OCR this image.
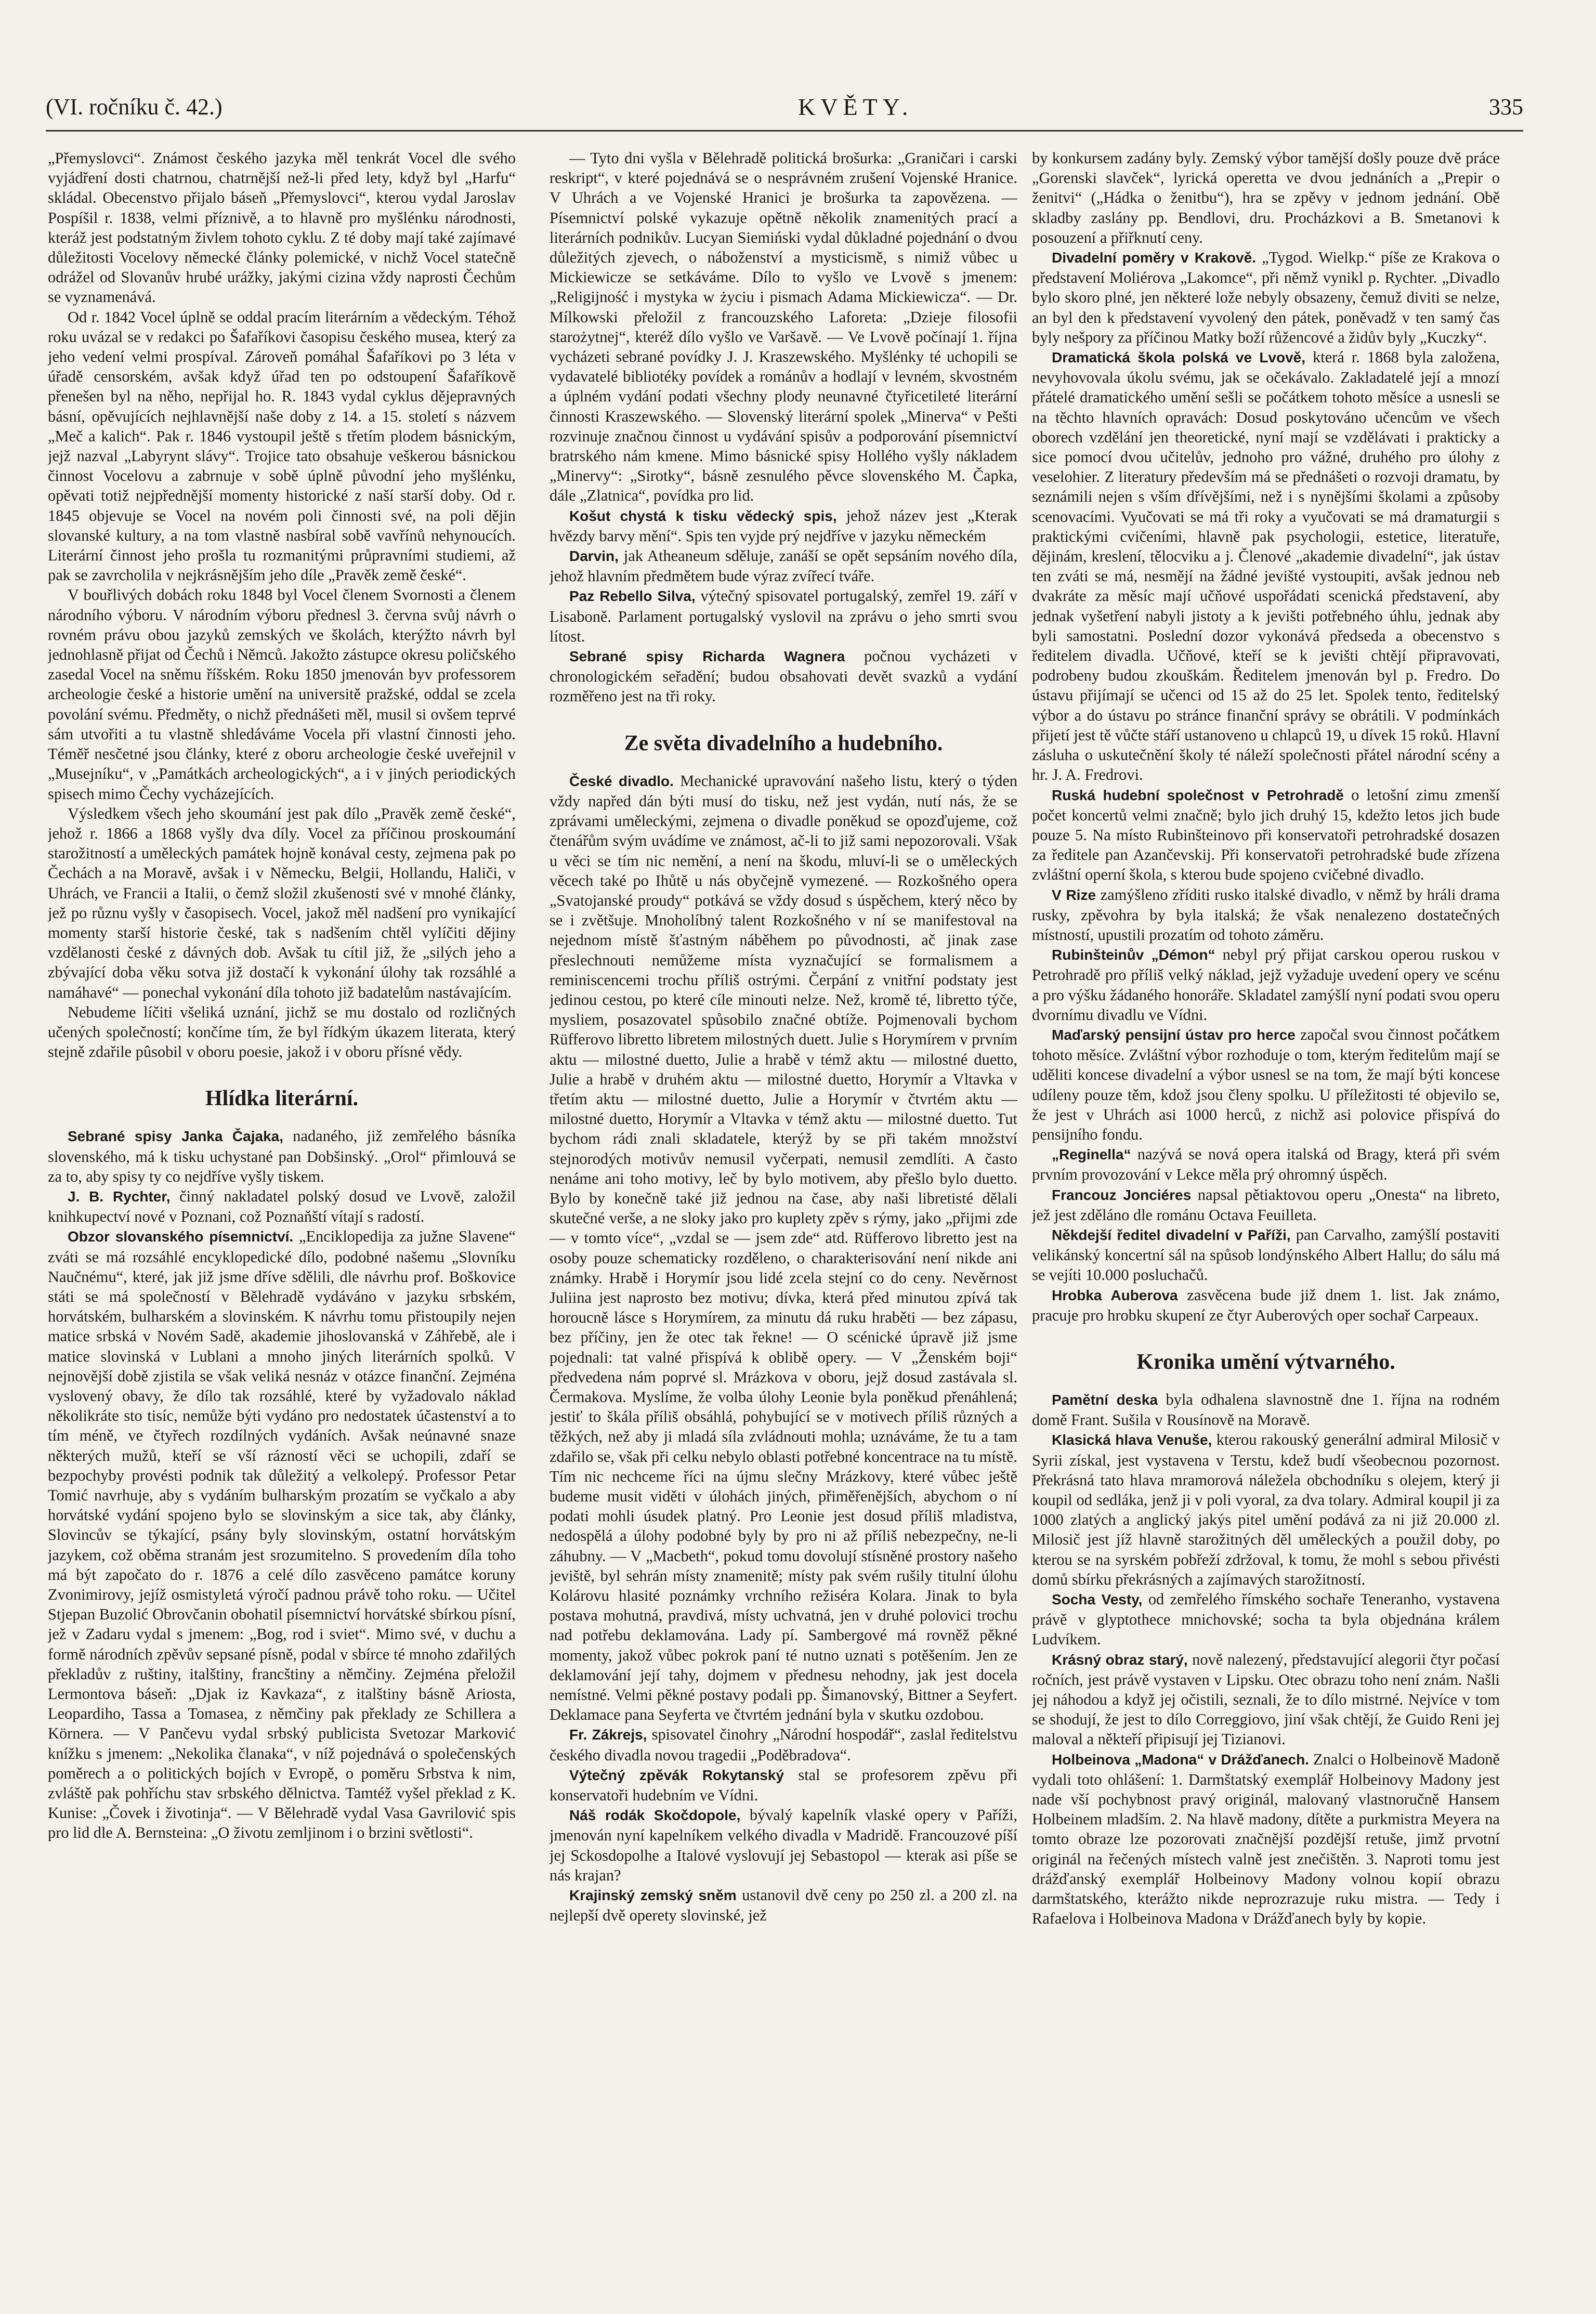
(VI. ročníku č. 42.)	KVĚTY.	335

„Přemyslovci“. Známost českého jazyka měl tenkrát Vocel dle svého vyjádření dosti chatrnou, chatrnější než-li před lety, když byl „Harfu“ skládal. Obecenstvo přijalo báseň „Přemyslovci“, kterou vydal Jaroslav Pospíšil r. 1838, velmi příznivě, a to hlavně pro myšlénku národnosti, kteráž jest podstatným živlem tohoto cyklu. Z té doby mají také zajímavé důležitosti Vocelovy německé články polemické, v nichž Vocel statečně odrážel od Slovanův hrubé urážky, jakými cizina vždy naprosti Čechům se vyznamenává.

Od r. 1842 Vocel úplně se oddal pracím literárním a vědeckým. Téhož roku uvázal se v redakci po Šafaříkovi časopisu českého musea, který za jeho vedení velmi prospíval. Zároveň pomáhal Šafaříkovi po 3 léta v úřadě censorském, avšak když úřad ten po odstoupení Šafaříkově přenešen byl na něho, nepřijal ho. R. 1843 vydal cyklus dějepravných básní, opěvujících nejhlavnější naše doby z 14. a 15. století s názvem „Meč a kalich“. Pak r. 1846 vystoupil ještě s třetím plodem básnickým, jejž nazval „Labyrynt slávy“. Trojice tato obsahuje veškerou básnickou činnost Vocelovu a zabrnuje v sobě úplně původní jeho myšlénku, opěvati totiž nejpřednější momenty historické z naší starší doby. Od r. 1845 objevuje se Vocel na novém poli činnosti své, na poli dějin slovanské kultury, a na tom vlastně nasbíral sobě vavřínů nehynoucích. Literární činnost jeho prošla tu rozmanitými průpravními studiemi, až pak se zavrcholila v nejkrásnějším jeho díle „Pravěk země české“.

V bouřlivých dobách roku 1848 byl Vocel členem Svornosti a členem národního výboru. V národním výboru přednesl 3. června svůj návrh o rovném právu obou jazyků zemských ve školách, kterýžto návrh byl jednohlasně přijat od Čechů i Němců. Jakožto zástupce okresu poličského zasedal Vocel na sněmu říšském. Roku 1850 jmenován byv professorem archeologie české a historie umění na universitě pražské, oddal se zcela povolání svému. Předměty, o nichž přednášeti měl, musil si ovšem teprvé sám utvořiti a tu vlastně shledáváme Vocela při vlastní činnosti jeho. Téměř nesčetné jsou články, které z oboru archeologie české uveřejnil v „Musejníku“, v „Památkách archeologických“, a i v jiných periodických spisech mimo Čechy vycházejících.

Výsledkem všech jeho skoumání jest pak dílo „Pravěk země české“, jehož r. 1866 a 1868 vyšly dva díly. Vocel za příčinou proskoumání starožitností a uměleckých památek hojně konával cesty, zejmena pak po Čechách a na Moravě, avšak i v Německu, Belgii, Hollandu, Haliči, v Uhrách, ve Francii a Italii, o čemž složil zkušenosti své v mnohé články, jež po různu vyšly v časopisech. Vocel, jakož měl nadšení pro vynikající momenty starší historie české, tak s nadšením chtěl vylíčiti dějiny vzdělanosti české z dávných dob. Avšak tu cítil již, že „silých jeho a zbývající doba věku sotva již dostačí k vykonání úlohy tak rozsáhlé a namáhavé“ — ponechal vykonání díla tohoto již badatelům nastávajícím.

Nebudeme líčiti všeliká uznání, jichž se mu dostalo od rozličných učených společností; končíme tím, že byl řídkým úkazem literata, který stejně zdařile pûsobil v oboru poesie, jakož i v oboru přísné vědy.

Hlídka literární.

Sebrané spisy Janka Čajaka, nadaného, již zemřelého básníka slovenského, má k tisku uchystané pan Dobšinský. „Orol“ přimlouvá se za to, aby spisy ty co nejdříve vyšly tiskem.

J. B. Rychter, činný nakladatel polský dosud ve Lvově, založil knihkupectví nové v Poznani, což Poznaňští vítají s radostí.

Obzor slovanského písemnictví. „Enciklopedija za južne Slavene“ zváti se má rozsáhlé encyklopedické dílo, podobné našemu „Slovníku Naučnému“, které, jak již jsme dříve sdělili, dle návrhu prof. Boškovice státi se má společností v Bělehradě vydáváno v jazyku srbském, horvátském, bulharském a slovinském. K návrhu tomu přistoupily nejen matice srbská v Novém Sadě, akademie jihoslovanská v Záhřebě, ale i matice slovinská v Lublani a mnoho jiných literárních spolků. V nejnovější době zjistila se však veliká nesnáz v otázce finanční. Zejména vyslovený obavy, že dílo tak rozsáhlé, které by vyžadovalo náklad několikráte sto tisíc, nemůže býti vydáno pro nedostatek účastenství a to tím méně, ve čtyřech rozdílných vydáních. Avšak neúnavné snaze některých mužů, kteří se vší rázností věci se uchopili, zdaří se bezpochyby provésti podnik tak důležitý a velkolepý. Professor Petar Tomić navrhuje, aby s vydáním bulharským prozatím se vyčkalo a aby horvátské vydání spojeno bylo se slovinským a sice tak, aby články, Slovincův se týkající, psány byly slovinským, ostatní horvátským jazykem, což oběma stranám jest srozumitelno. S provedením díla toho má být započato do r. 1876 a celé dílo zasvěceno památce koruny Zvonimirovy, jejíž osmistyletá výročí padnou právě toho roku. — Učitel Stjepan Buzolić Obrovčanin obohatil písemnictví horvátské sbírkou písní, jež v Zadaru vydal s jmenem: „Bog, rod i sviet“. Mimo své, v duchu a formě národních zpěvův sepsané písně, podal v sbírce té mnoho zdařilých překladův z ruštiny, italštiny, francštiny a němčiny. Zejména přeložil Lermontova báseň: „Djak iz Kavkaza“, z italštiny básně Ariosta, Leopardiho, Tassa a Tomasea, z němčiny pak překlady ze Schillera a Körnera. — V Pančevu vydal srbský publicista Svetozar Marković knížku s jmenem: „Nekolika članaka“, v níž pojednává o společenských poměrech a o politických bojích v Evropě, o poměru Srbstva k nim, zvláště pak pohříchu stav srbského dělnictva. Tamtéž vyšel překlad z K. Kunise: „Čovek i životinja“. — V Bělehradě vydal Vasa Gavrilović spis pro lid dle A. Bernsteina: „O životu zemljinom i o brzini světlosti“.

— Tyto dni vyšla v Bělehradě politická brošurka: „Graničari i carski reskript“, v které pojednává se o nesprávném zrušení Vojenské Hranice. V Uhrách a ve Vojenské Hranici je brošurka ta zapovězena. — Písemnictví polské vykazuje opětně několik znamenitých prací a literárních podnikův. Lucyan Siemiński vydal důkladné pojednání o dvou důležitých zjevech, o náboženství a mysticismě, s nimiž vůbec u Mickiewicze se setkáváme. Dílo to vyšlo ve Lvově s jmenem: „Religijność i mystyka w życiu i pismach Adama Mickiewicza“. — Dr. Mílkowski přeložil z francouzského Laforeta: „Dzieje filosofii starożytnej“, kteréž dílo vyšlo ve Varšavě. — Ve Lvově počínají 1. října vycházeti sebrané povídky J. J. Kraszewského. Myšlénky té uchopili se vydavatelé bibliotéky povídek a románův a hodlají v levném, skvostném a úplném vydání podati všechny plody neunavné čtyřicetileté literární činnosti Kraszewského. — Slovenský literární spolek „Minerva“ v Pešti rozvinuje značnou činnost u vydávání spisův a podporování písemnictví bratrského nám kmene. Mimo básnické spisy Hollého vyšly nákladem „Minervy“: „Sirotky“, básně zesnulého pěvce slovenského M. Čapka, dále „Zlatnica“, povídka pro lid.

Košut chystá k tisku vědecký spis, jehož název jest „Kterak hvězdy barvy mění“. Spis ten vyjde prý nejdříve v jazyku německém

Darvin, jak Atheaneum sděluje, zanáší se opět sepsáním nového díla, jehož hlavním předmětem bude výraz zvířecí tváře.

Paz Rebello Silva, výtečný spisovatel portugalský, zemřel 19. září v Lisaboně. Parlament portugalský vyslovil na zprávu o jeho smrti svou lítost.

Sebrané spisy Richarda Wagnera počnou vycházeti v chronologickém seřadění; budou obsahovati devět svazků a vydání rozměřeno jest na tři roky.

Ze světa divadelního a hudebního.

České divadlo. Mechanické upravování našeho listu, který o týden vždy napřed dán býti musí do tisku, než jest vydán, nutí nás, že se zprávami uměleckými, zejmena o divadle poněkud se opozďujeme, což čtenářům svým uvádíme ve známost, ač-li to již sami nepozorovali. Však u věci se tím nic nemění, a není na škodu, mluví-li se o uměleckých věcech také po Ihůtě u nás obyčejně vymezené. — Rozkošného opera „Svatojanské proudy“ potkává se vždy dosud s úspěchem, který něco by se i zvětšuje. Mnoholíbný talent Rozkošného v ní se manifestoval na nejednom místě šťastným náběhem po původnosti, ač jinak zase přeslechnouti nemůžeme místa vyznačující se formalismem a reminiscencemi trochu příliš ostrými. Čerpání z vnitřní podstaty jest jedinou cestou, po které cíle minouti nelze. Než, kromě té, libretto týče, mysliem, posazovatel spůsobilo značné obtíže. Pojmenovali bychom Rüfferovo libretto libretem milostných duett. Julie s Horymírem v prvním aktu — milostné duetto, Julie a hrabě v témž aktu — milostné duetto, Julie a hrabě v druhém aktu — milostné duetto, Horymír a Vltavka v třetím aktu — milostné duetto, Julie a Horymír v čtvrtém aktu — milostné duetto, Horymír a Vltavka v témž aktu — milostné duetto. Tut bychom rádi znali skladatele, kterýž by se při takém množství stejnorodých motivův nemusil vyčerpati, nemusil zemdlíti. A často nenáme ani toho motivy, leč by bylo motivem, aby přešlo bylo duetto. Bylo by konečně také již jednou na čase, aby naši libretisté dělali skutečné verše, a ne sloky jako pro kuplety zpěv s rýmy, jako „přijmi zde — v tomto více“, „vzdal se — jsem zde“ atd. Rüfferovo libretto jest na osoby pouze schematicky rozděleno, o charakterisování není nikde ani známky. Hrabě i Horymír jsou lidé zcela stejní co do ceny. Nevěrnost Juliina jest naprosto bez motivu; dívka, která před minutou zpívá tak horoucně lásce s Horymírem, za minutu dá ruku hraběti — bez zápasu, bez příčiny, jen že otec tak řekne! — O scénické úpravě již jsme pojednali: tat valné přispívá k oblibě opery. — V „Ženském boji“ předvedena nám poprvé sl. Mrázkova v oboru, jejž dosud zastávala sl. Čermakova. Myslíme, že volba úlohy Leonie byla poněkud přenáhlená; jestiť to škála příliš obsáhlá, pohybující se v motivech příliš různých a těžkých, než aby ji mladá síla zvládnouti mohla; uznáváme, že tu a tam zdařilo se, však při celku nebylo oblasti potřebné koncentrace na tu místě. Tím nic nechceme říci na újmu slečny Mrázkovy, které vůbec ještě budeme musit viděti v úlohách jiných, přiměřenějších, abychom o ní podati mohli úsudek platný. Pro Leonie jest dosud příliš mladistva, nedospělá a úlohy podobné byly by pro ni až příliš nebezpečny, ne-li záhubny. — V „Macbeth“, pokud tomu dovolují stísněné prostory našeho jeviště, byl sehrán místy znamenitě; místy pak svém rušily titulní úlohu Kolárovu hlasité poznámky vrchního režiséra Kolara. Jinak to byla postava mohutná, pravdivá, místy uchvatná, jen v druhé polovici trochu nad potřebu deklamována. Lady pí. Sambergové má rovněž pěkné momenty, jakož vůbec pokrok paní té nutno uznati s potěšením. Jen ze deklamování její tahy, dojmem v přednesu nehodny, jak jest docela nemístné. Velmi pěkné postavy podali pp. Šimanovský, Bittner a Seyfert. Deklamace pana Seyferta ve čtvrtém jednání byla v skutku ozdobou.

Fr. Zákrejs, spisovatel činohry „Národní hospodář“, zaslal ředitelstvu českého divadla novou tragedii „Poděbradova“.

Výtečný zpěvák Rokytanský stal se profesorem zpěvu při konservatoři hudebním ve Vídni.

Náš rodák Skočdopole, bývalý kapelník vlaské opery v Paříži, jmenován nyní kapelníkem velkého divadla v Madridě. Francouzové píší jej Sckosdopolhe a Italové vyslovují jej Sebastopol — kterak asi píše se nás krajan?

Krajinský zemský sněm ustanovil dvě ceny po 250 zl. a 200 zl. na nejlepší dvě operety slovinské, jež

by konkursem zadány byly. Zemský výbor tamější došly pouze dvě práce „Gorenski slavček“, lyrická operetta ve dvou jednáních a „Prepir o ženitvi“ („Hádka o ženitbu“), hra se zpěvy v jednom jednání. Obě skladby zaslány pp. Bendlovi, dru. Procházkovi a B. Smetanovi k posouzení a přiřknutí ceny.

Divadelní poměry v Krakově. „Tygod. Wielkp.“ píše ze Krakova o představení Moliérova „Lakomce“, při němž vynikl p. Rychter. „Divadlo bylo skoro plné, jen některé lože nebyly obsazeny, čemuž diviti se nelze, an byl den k představení vyvolený den pátek, poněvadž v ten samý čas byly nešpory za příčinou Matky boží růžencové a židův byly „Kuczky“.

Dramatická škola polská ve Lvově, která r. 1868 byla založena, nevyhovovala úkolu svému, jak se očekávalo. Zakladatelé její a mnozí přátelé dramatického umění sešli se počátkem tohoto měsíce a usnesli se na těchto hlavních opravách: Dosud poskytováno učencům ve všech oborech vzdělání jen theoretické, nyní mají se vzdělávati i prakticky a sice pomocí dvou učitelův, jednoho pro vážné, druhého pro úlohy z veselohier. Z literatury především má se přednášeti o rozvoji dramatu, by seznámili nejen s vším dřívějšími, než i s nynějšími školami a způsoby scenovacími. Vyučovati se má tři roky a vyučovati se má dramaturgii s praktickými cvičeními, hlavně pak psychologii, estetice, literatuře, dějinám, kreslení, tělocviku a j. Členové „akademie divadelní“, jak ústav ten zváti se má, nesmějí na žádné jevišté vystoupiti, avšak jednou neb dvakráte za měsíc mají učňové uspořádati scenická představení, aby jednak vyšetření nabyli jistoty a k jevišti potřebného úhlu, jednak aby byli samostatni. Poslední dozor vykonává předseda a obecenstvo s ředitelem divadla. Učňové, kteří se k jevišti chtějí připravovati, podrobeny budou zkouškám. Ředitelem jmenován byl p. Fredro. Do ústavu přijímají se učenci od 15 až do 25 let. Spolek tento, ředitelský výbor a do ústavu po stránce finanční správy se obrátili. V podmínkách přijetí jest tě vůčte stáří ustanoveno u chlapců 19, u dívek 15 roků. Hlavní zásluha o uskutečnění školy té náleží společnosti přátel národní scény a hr. J. A. Fredrovi.

Ruská hudební společnost v Petrohradě o letošní zimu zmenší počet koncertů velmi značně; bylo jich druhý 15, kdežto letos jich bude pouze 5. Na místo Rubinšteinovo při konservatoři petrohradské dosazen za ředitele pan Azančevskij. Při konservatoři petrohradské bude zřízena zvláštní operní škola, s kterou bude spojeno cvičebné divadlo.

V Rize zamýšleno zříditi rusko italské divadlo, v němž by hráli drama rusky, zpěvohra by byla italská; že však nenalezeno dostatečných místností, upustili prozatím od tohoto záměru.

Rubinšteinův „Démon“ nebyl prý přijat carskou operou ruskou v Petrohradě pro příliš velký náklad, jejž vyžaduje uvedení opery ve scénu a pro výšku žádaného honoráře. Skladatel zamýšlí nyní podati svou operu dvornímu divadlu ve Vídni.

Maďarský pensijní ústav pro herce započal svou činnost počátkem tohoto měsíce. Zvláštní výbor rozhoduje o tom, kterým ředitelům mají se uděliti koncese divadelní a výbor usnesl se na tom, že mají býti koncese udíleny pouze těm, kdož jsou členy spolku. U příležitosti té objevilo se, že jest v Uhrách asi 1000 herců, z nichž asi polovice přispívá do pensijního fondu.

„Reginella“ nazývá se nová opera italská od Bragy, která při svém prvním provozování v Lekce měla prý ohromný úspěch.

Francouz Jonciéres napsal pětiaktovou operu „Onesta“ na libreto, jež jest zděláno dle románu Octava Feuilleta.

Někdejší ředitel divadelní v Paříži, pan Carvalho, zamýšlí postaviti velikánský koncertní sál na spůsob londýnského Albert Hallu; do sálu má se vejíti 10.000 posluchačů.

Hrobka Auberova zasvěcena bude již dnem 1. list. Jak známo, pracuje pro hrobku skupení ze čtyr Auberových oper sochař Carpeaux.

Kronika umění výtvarného.

Pamětní deska byla odhalena slavnostně dne 1. října na rodném domě Frant. Sušila v Rousínově na Moravě.

Klasická hlava Venuše, kterou rakouský generální admiral Milosič v Syrii získal, jest vystavena v Terstu, kdež budí všeobecnou pozornost. Překrásná tato hlava mramorová náležela obchodníku s olejem, který ji koupil od sedláka, jenž ji v poli vyoral, za dva tolary. Admiral koupil ji za 1000 zlatých a anglický jakýs pitel umění podává za ni již 20.000 zl. Milosič jest jíž hlavně starožitných děl uměleckých a použil doby, po kterou se na syrském pobřeží zdržoval, k tomu, že mohl s sebou přivésti domů sbírku překrásných a zajímavých starožitností.

Socha Vesty, od zemřelého římského sochaře Teneranho, vystavena právě v glyptothece mnichovské; socha ta byla objednána králem Ludvíkem.

Krásný obraz starý, nově nalezený, představující alegorii čtyr počasí ročních, jest právě vystaven v Lipsku. Otec obrazu toho není znám. Našli jej náhodou a když jej očistili, seznali, že to dílo mistrné. Nejvíce v tom se shodují, že jest to dílo Correggiovo, jiní však chtějí, že Guido Reni jej maloval a někteří připisují jej Tizianovi.

Holbeinova „Madona“ v Drážďanech. Znalci o Holbeinově Madoně vydali toto ohlášení: 1. Darmštatský exemplář Holbeinovy Madony jest nade vší pochybnost pravý originál, malovaný vlastnoručně Hansem Holbeinem mladším. 2. Na hlavě madony, dítěte a purkmistra Meyera na tomto obraze lze pozorovati značnější pozdější retuše, jimž prvotní originál na řečených místech valně jest znečištěn. 3. Naproti tomu jest drážďanský exemplář Holbeinovy Madony volnou kopií obrazu darmštatského, kterážto nikde neprozrazuje ruku mistra. — Tedy i Rafaelova i Holbeinova Madona v Drážďanech byly by kopie.
